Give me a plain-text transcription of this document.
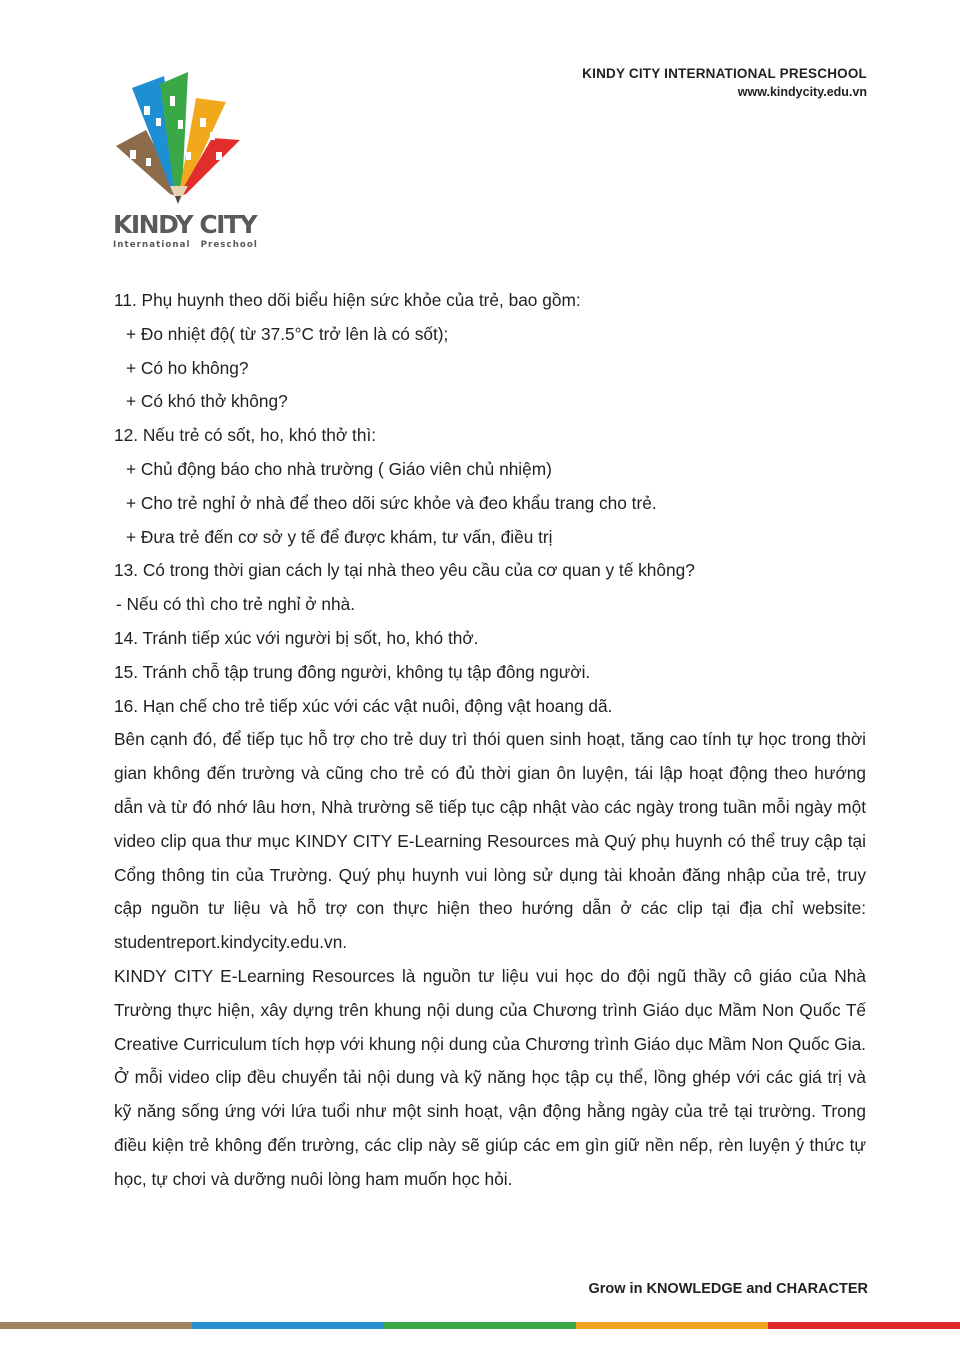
KINDY CITY
International Preschool
KINDY CITY INTERNATIONAL PRESCHOOL
www.kindycity.edu.vn
11. Phụ huynh theo dõi biểu hiện sức khỏe của trẻ, bao gồm:
+ Đo nhiệt độ( từ 37.5°C trở lên là có sốt);
+ Có ho không?
+ Có khó thở không?
12. Nếu trẻ có sốt, ho, khó thở thì:
+ Chủ động báo cho nhà trường ( Giáo viên chủ nhiệm)
+ Cho trẻ nghỉ ở nhà để theo dõi sức khỏe và đeo khẩu trang cho trẻ.
+ Đưa trẻ đến cơ sở y tế để được khám, tư vấn, điều trị
13. Có trong thời gian cách ly tại nhà theo yêu cầu của cơ quan y tế không?
- Nếu có thì cho trẻ nghỉ ở nhà.
14. Tránh tiếp xúc với người bị sốt, ho, khó thở.
15. Tránh chỗ tập trung đông người, không tụ tập đông người.
16. Hạn chế cho trẻ tiếp xúc với các vật nuôi, động vật hoang dã.
Bên cạnh đó, để tiếp tục hỗ trợ cho trẻ duy trì thói quen sinh hoạt, tăng cao tính tự học trong thời gian không đến trường và cũng cho trẻ có đủ thời gian ôn luyện, tái lập hoạt động theo hướng dẫn và từ đó nhớ lâu hơn, Nhà trường sẽ tiếp tục cập nhật vào các ngày trong tuần mỗi ngày một video clip qua thư mục KINDY CITY E-Learning Resources mà Quý phụ huynh có thể truy cập tại Cổng thông tin của Trường. Quý phụ huynh vui lòng sử dụng tài khoản đăng nhập của trẻ, truy cập nguồn tư liệu và hỗ trợ con thực hiện theo hướng dẫn ở các clip tại địa chỉ website: studentreport.kindycity.edu.vn.
KINDY CITY E-Learning Resources là nguồn tư liệu vui học do đội ngũ thầy cô giáo của Nhà Trường thực hiện, xây dựng trên khung nội dung của Chương trình Giáo dục Mầm Non Quốc Tế Creative Curriculum tích hợp với khung nội dung của Chương trình Giáo dục Mầm Non Quốc Gia. Ở mỗi video clip đều chuyển tải nội dung và kỹ năng học tập cụ thể, lồng ghép với các giá trị và kỹ năng sống ứng với lứa tuổi như một sinh hoạt, vận động hằng ngày của trẻ tại trường. Trong điều kiện trẻ không đến trường, các clip này sẽ giúp các em gìn giữ nền nếp, rèn luyện ý thức tự học, tự chơi và dưỡng nuôi lòng ham muốn học hỏi.
Grow in KNOWLEDGE and CHARACTER
